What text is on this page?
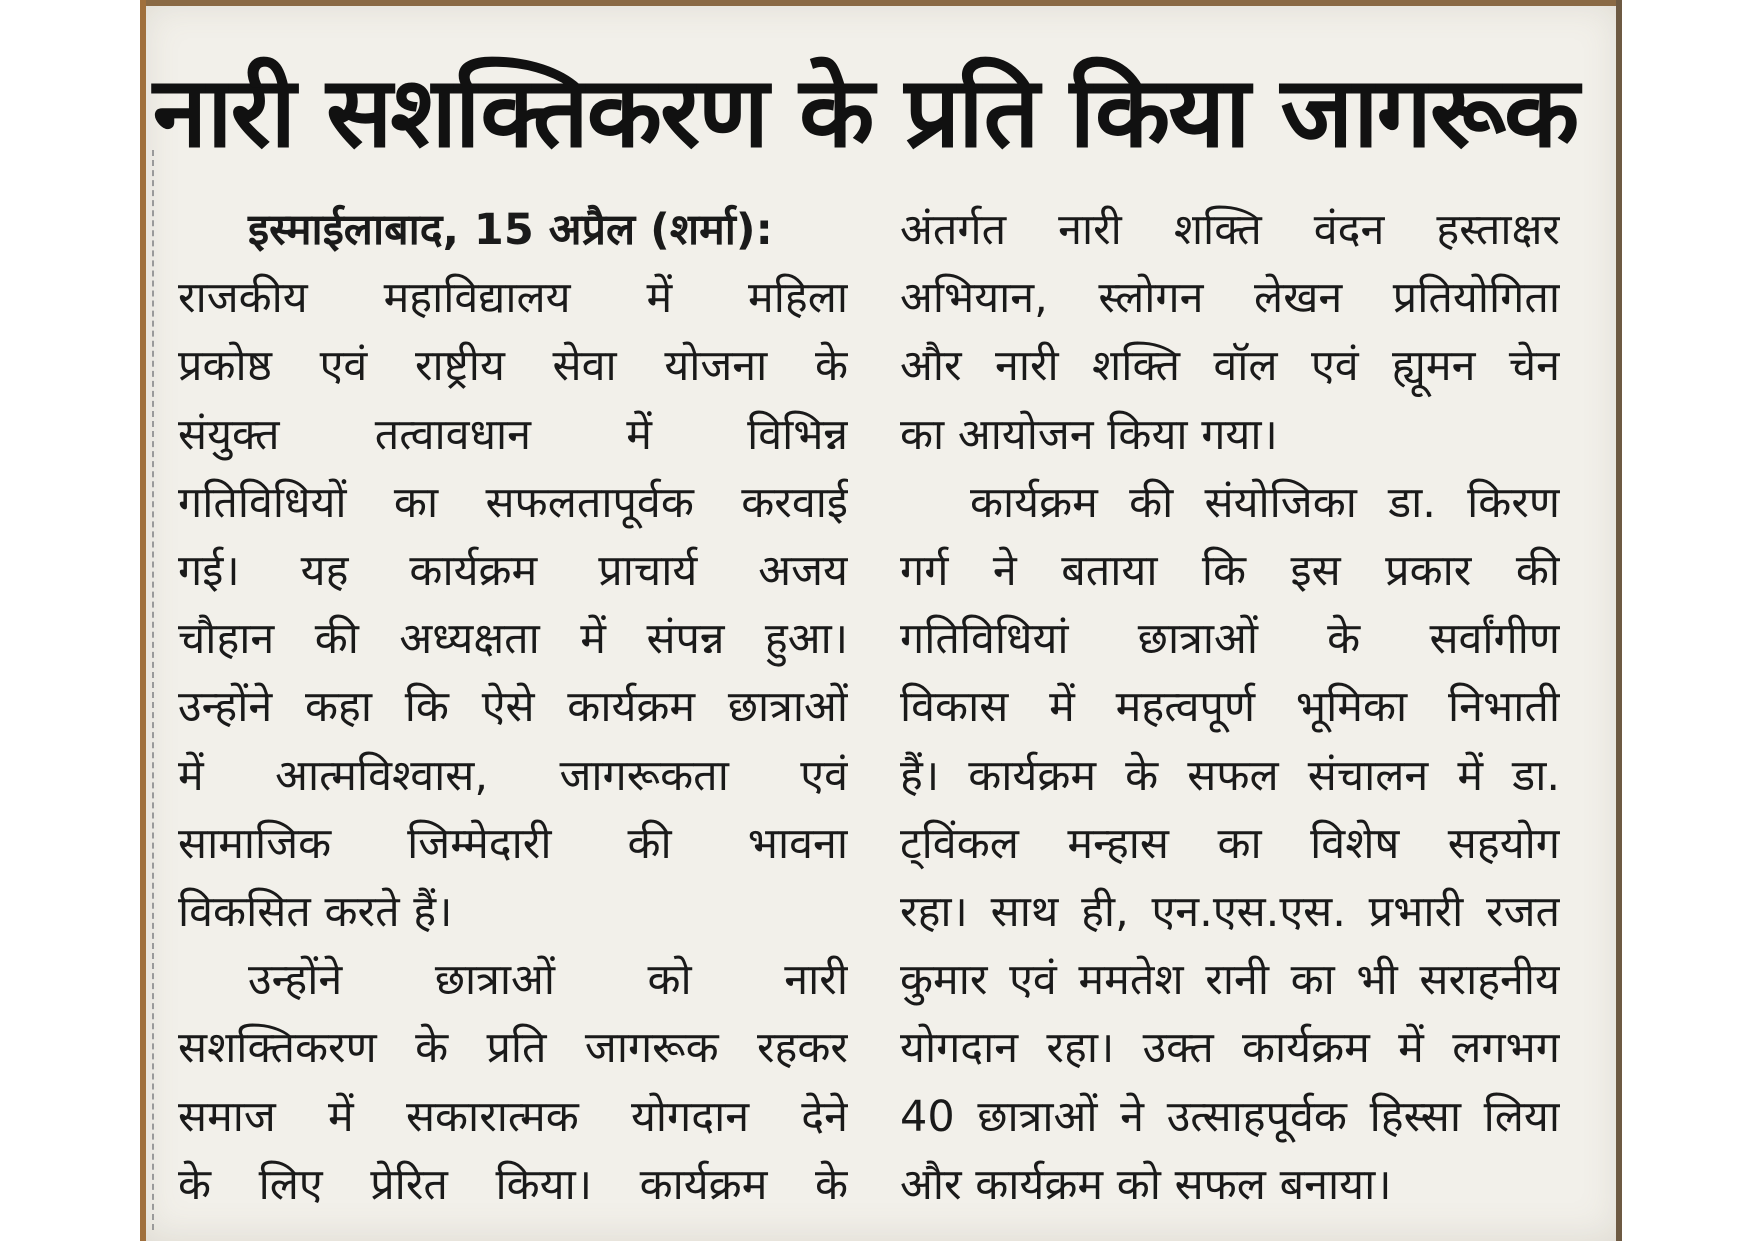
नारी सशक्तिकरण के प्रति किया जागरूक
इस्माईलाबाद, 15 अप्रैल (शर्मा):
राजकीय महाविद्यालय में महिला
प्रकोष्ठ एवं राष्ट्रीय सेवा योजना के
संयुक्त तत्वावधान में विभिन्न
गतिविधियों का सफलतापूर्वक करवाई
गई। यह कार्यक्रम प्राचार्य अजय
चौहान की अध्यक्षता में संपन्न हुआ।
उन्होंने कहा कि ऐसे कार्यक्रम छात्राओं
में आत्मविश्वास, जागरूकता एवं
सामाजिक जिम्मेदारी की भावना
विकसित करते हैं।
उन्होंने छात्राओं को नारी
सशक्तिकरण के प्रति जागरूक रहकर
समाज में सकारात्मक योगदान देने
के लिए प्रेरित किया। कार्यक्रम के
अंतर्गत नारी शक्ति वंदन हस्ताक्षर
अभियान, स्लोगन लेखन प्रतियोगिता
और नारी शक्ति वॉल एवं ह्यूमन चेन
का आयोजन किया गया।
कार्यक्रम की संयोजिका डा. किरण
गर्ग ने बताया कि इस प्रकार की
गतिविधियां छात्राओं के सर्वांगीण
विकास में महत्वपूर्ण भूमिका निभाती
हैं। कार्यक्रम के सफल संचालन में डा.
ट्विंकल मन्हास का विशेष सहयोग
रहा। साथ ही, एन.एस.एस. प्रभारी रजत
कुमार एवं ममतेश रानी का भी सराहनीय
योगदान रहा। उक्त कार्यक्रम में लगभग
40 छात्राओं ने उत्साहपूर्वक हिस्सा लिया
और कार्यक्रम को सफल बनाया।
